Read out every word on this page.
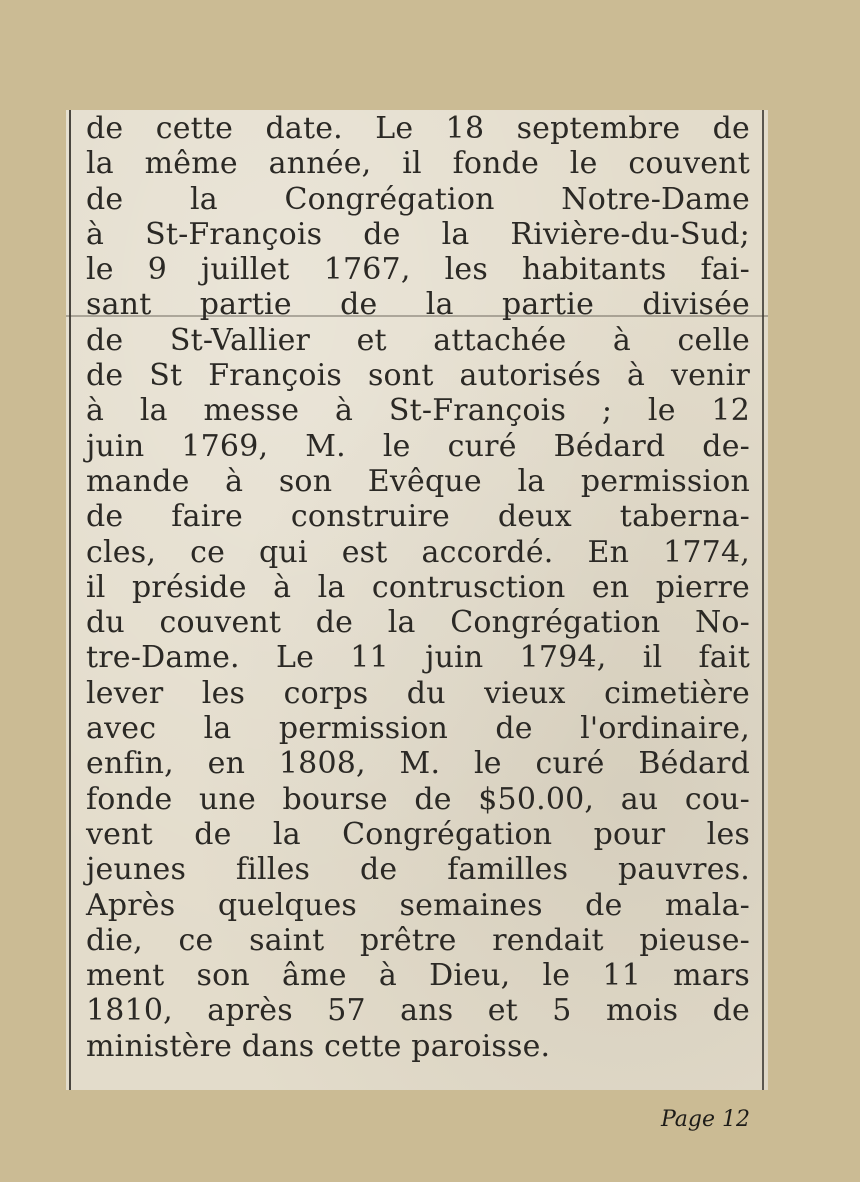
de cette date. Le 18 septembre de
la même année, il fonde le couvent
de la Congrégation Notre-Dame
à St-François de la Rivière-du-Sud;
le 9 juillet 1767, les habitants fai-
sant partie de la partie divisée
de St-Vallier et attachée à celle
de St François sont autorisés à venir
à la messe à St-François ; le 12
juin 1769, M. le curé Bédard de-
mande à son Evêque la permission
de faire construire deux taberna-
cles, ce qui est accordé. En 1774,
il préside à la contrusction en pierre
du couvent de la Congrégation No-
tre-Dame. Le 11 juin 1794, il fait
lever les corps du vieux cimetière
avec la permission de l'ordinaire,
enfin, en 1808, M. le curé Bédard
fonde une bourse de $50.00, au cou-
vent de la Congrégation pour les
jeunes filles de familles pauvres.
Après quelques semaines de mala-
die, ce saint prêtre rendait pieuse-
ment son âme à Dieu, le 11 mars
1810, après 57 ans et 5 mois de
ministère dans cette paroisse.
Page 12
